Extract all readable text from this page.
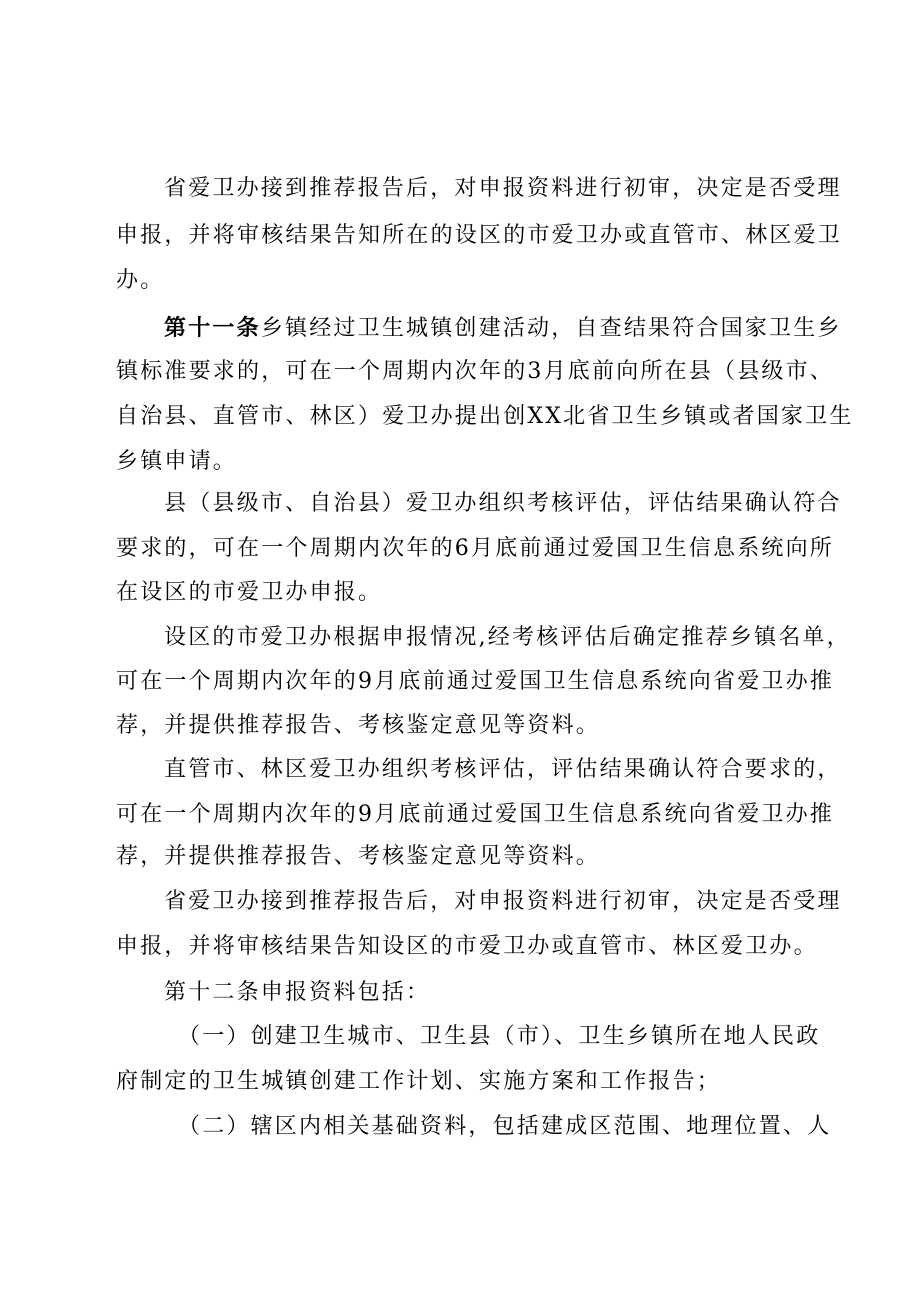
省爱卫办接到推荐报告后，对申报资料进行初审，决定是否受理
申报，并将审核结果告知所在的设区的市爱卫办或直管市、林区爱卫
办。
第十一条乡镇经过卫生城镇创建活动，自查结果符合国家卫生乡
镇标准要求的，可在一个周期内次年的3月底前向所在县（县级市、
自治县、直管市、林区）爱卫办提出创XX北省卫生乡镇或者国家卫生
乡镇申请。
县（县级市、自治县）爱卫办组织考核评估，评估结果确认符合
要求的，可在一个周期内次年的6月底前通过爱国卫生信息系统向所
在设区的市爱卫办申报。
设区的市爱卫办根据申报情况,经考核评估后确定推荐乡镇名单，
可在一个周期内次年的9月底前通过爱国卫生信息系统向省爱卫办推
荐，并提供推荐报告、考核鉴定意见等资料。
直管市、林区爱卫办组织考核评估，评估结果确认符合要求的，
可在一个周期内次年的9月底前通过爱国卫生信息系统向省爱卫办推
荐，并提供推荐报告、考核鉴定意见等资料。
省爱卫办接到推荐报告后，对申报资料进行初审，决定是否受理
申报，并将审核结果告知设区的市爱卫办或直管市、林区爱卫办。
第十二条申报资料包括：
（一）创建卫生城市、卫生县（市）、卫生乡镇所在地人民政
府制定的卫生城镇创建工作计划、实施方案和工作报告；
（二）辖区内相关基础资料，包括建成区范围、地理位置、人
